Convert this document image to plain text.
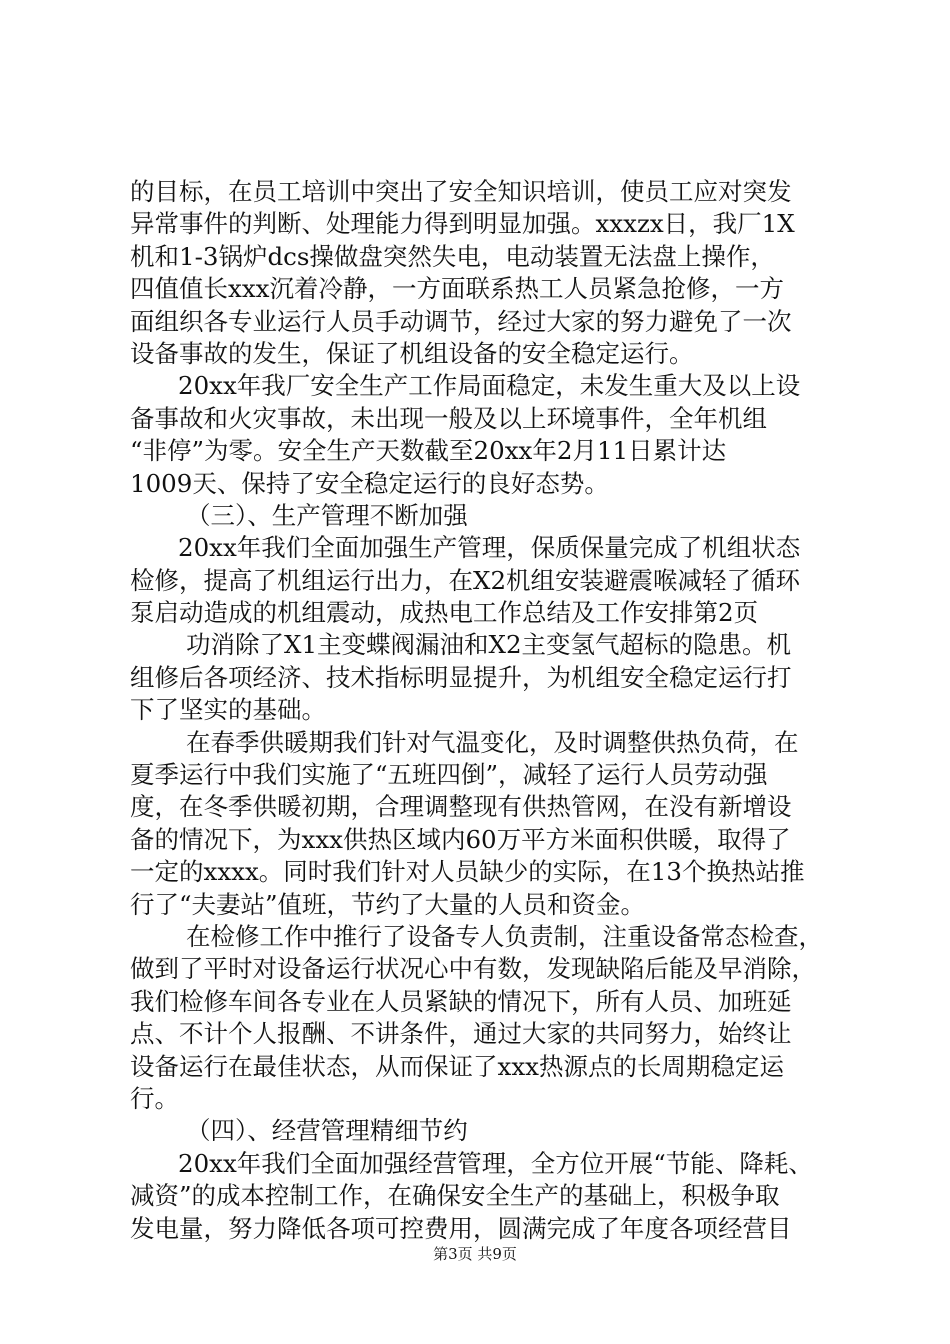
的目标，在员工培训中突出了安全知识培训，使员工应对突发
异常事件的判断、处理能力得到明显加强。xxxzx日，我厂1X
机和1-3锅炉dcs操做盘突然失电，电动装置无法盘上操作，
四值值长xxx沉着冷静，一方面联系热工人员紧急抢修，一方
面组织各专业运行人员手动调节，经过大家的努力避免了一次
设备事故的发生，保证了机组设备的安全稳定运行。
20xx年我厂安全生产工作局面稳定，未发生重大及以上设
备事故和火灾事故，未出现一般及以上环境事件，全年机组
“非停”为零。安全生产天数截至20xx年2月11日累计达
1009天、保持了安全稳定运行的良好态势。
（三）、生产管理不断加强
20xx年我们全面加强生产管理，保质保量完成了机组状态
检修，提高了机组运行出力，在X2机组安装避震喉减轻了循环
泵启动造成的机组震动，成热电工作总结及工作安排第2页
功消除了X1主变蝶阀漏油和X2主变氢气超标的隐患。机
组修后各项经济、技术指标明显提升，为机组安全稳定运行打
下了坚实的基础。
在春季供暖期我们针对气温变化，及时调整供热负荷，在
夏季运行中我们实施了“五班四倒”，减轻了运行人员劳动强
度，在冬季供暖初期，合理调整现有供热管网，在没有新增设
备的情况下，为xxx供热区域内60万平方米面积供暖，取得了
一定的xxxx。同时我们针对人员缺少的实际，在13个换热站推
行了“夫妻站”值班，节约了大量的人员和资金。
在检修工作中推行了设备专人负责制，注重设备常态检查，
做到了平时对设备运行状况心中有数，发现缺陷后能及早消除，
我们检修车间各专业在人员紧缺的情况下，所有人员、加班延
点、不计个人报酬、不讲条件，通过大家的共同努力，始终让
设备运行在最佳状态，从而保证了xxx热源点的长周期稳定运
行。
（四）、经营管理精细节约
20xx年我们全面加强经营管理，全方位开展“节能、降耗、
减资”的成本控制工作，在确保安全生产的基础上，积极争取
发电量，努力降低各项可控费用，圆满完成了年度各项经营目
第3页 共9页
